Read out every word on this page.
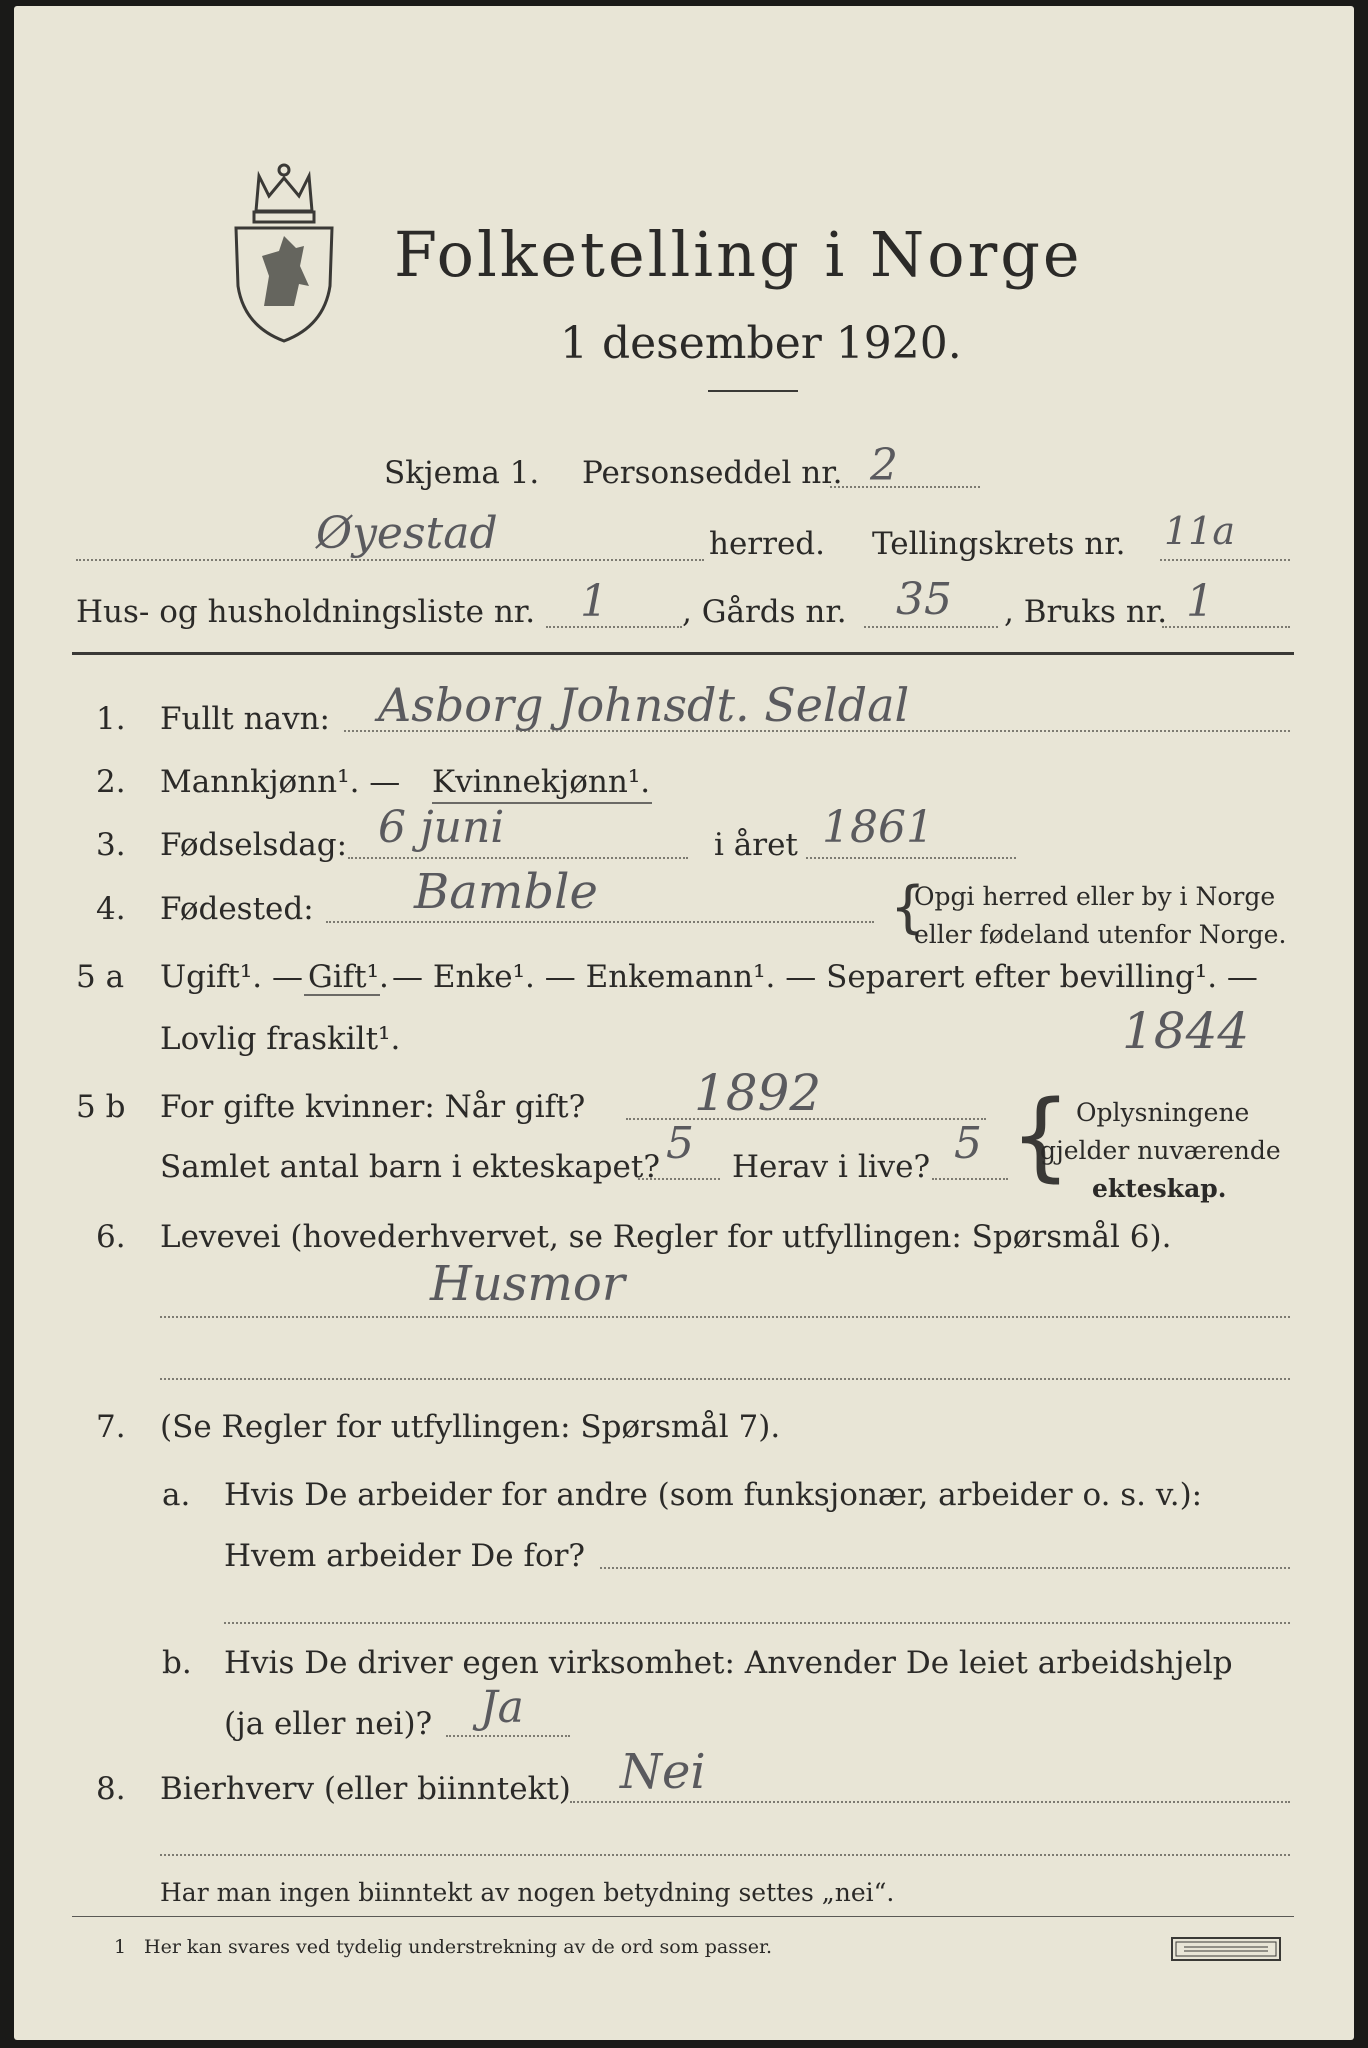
Folketelling i Norge
1 desember 1920.
Skjema 1. Personseddel nr. 2
Øyestad	herred. Tellingskrets nr. 11a
Hus- og husholdningsliste nr. 1 , Gårds nr. 35 , Bruks nr. 1
1. Fullt navn: Asborg Johnsdt. Seldal
2. Mannkjønn¹. — Kvinnekjønn¹.
3. Fødselsdag: 6 juni	i året 1861
4. Fødested: Bamble	{
Opgi herred eller by i Norge
eller fødeland utenfor Norge.
5 a Ugift¹. — Gift¹. — Enke¹. — Enkemann¹. — Separert efter bevilling¹. —
Lovlig fraskilt¹.	1844
5 b For gifte kvinner: Når gift? 1892
Samlet antal barn i ekteskapet? 5 Herav i live? 5 { Oplysningene
gjelder nuværende
ekteskap.
6. Levevei (hovederhvervet, se Regler for utfyllingen: Spørsmål 6).
Husmor
7. (Se Regler for utfyllingen: Spørsmål 7).
a. Hvis De arbeider for andre (som funksjonær, arbeider o. s. v.):
Hvem arbeider De for?
b. Hvis De driver egen virksomhet: Anvender De leiet arbeidshjelp
(ja eller nei)? Ja
8. Bierhverv (eller biinntekt) Nei
Har man ingen biinntekt av nogen betydning settes „nei“.
1 Her kan svares ved tydelig understrekning av de ord som passer.
